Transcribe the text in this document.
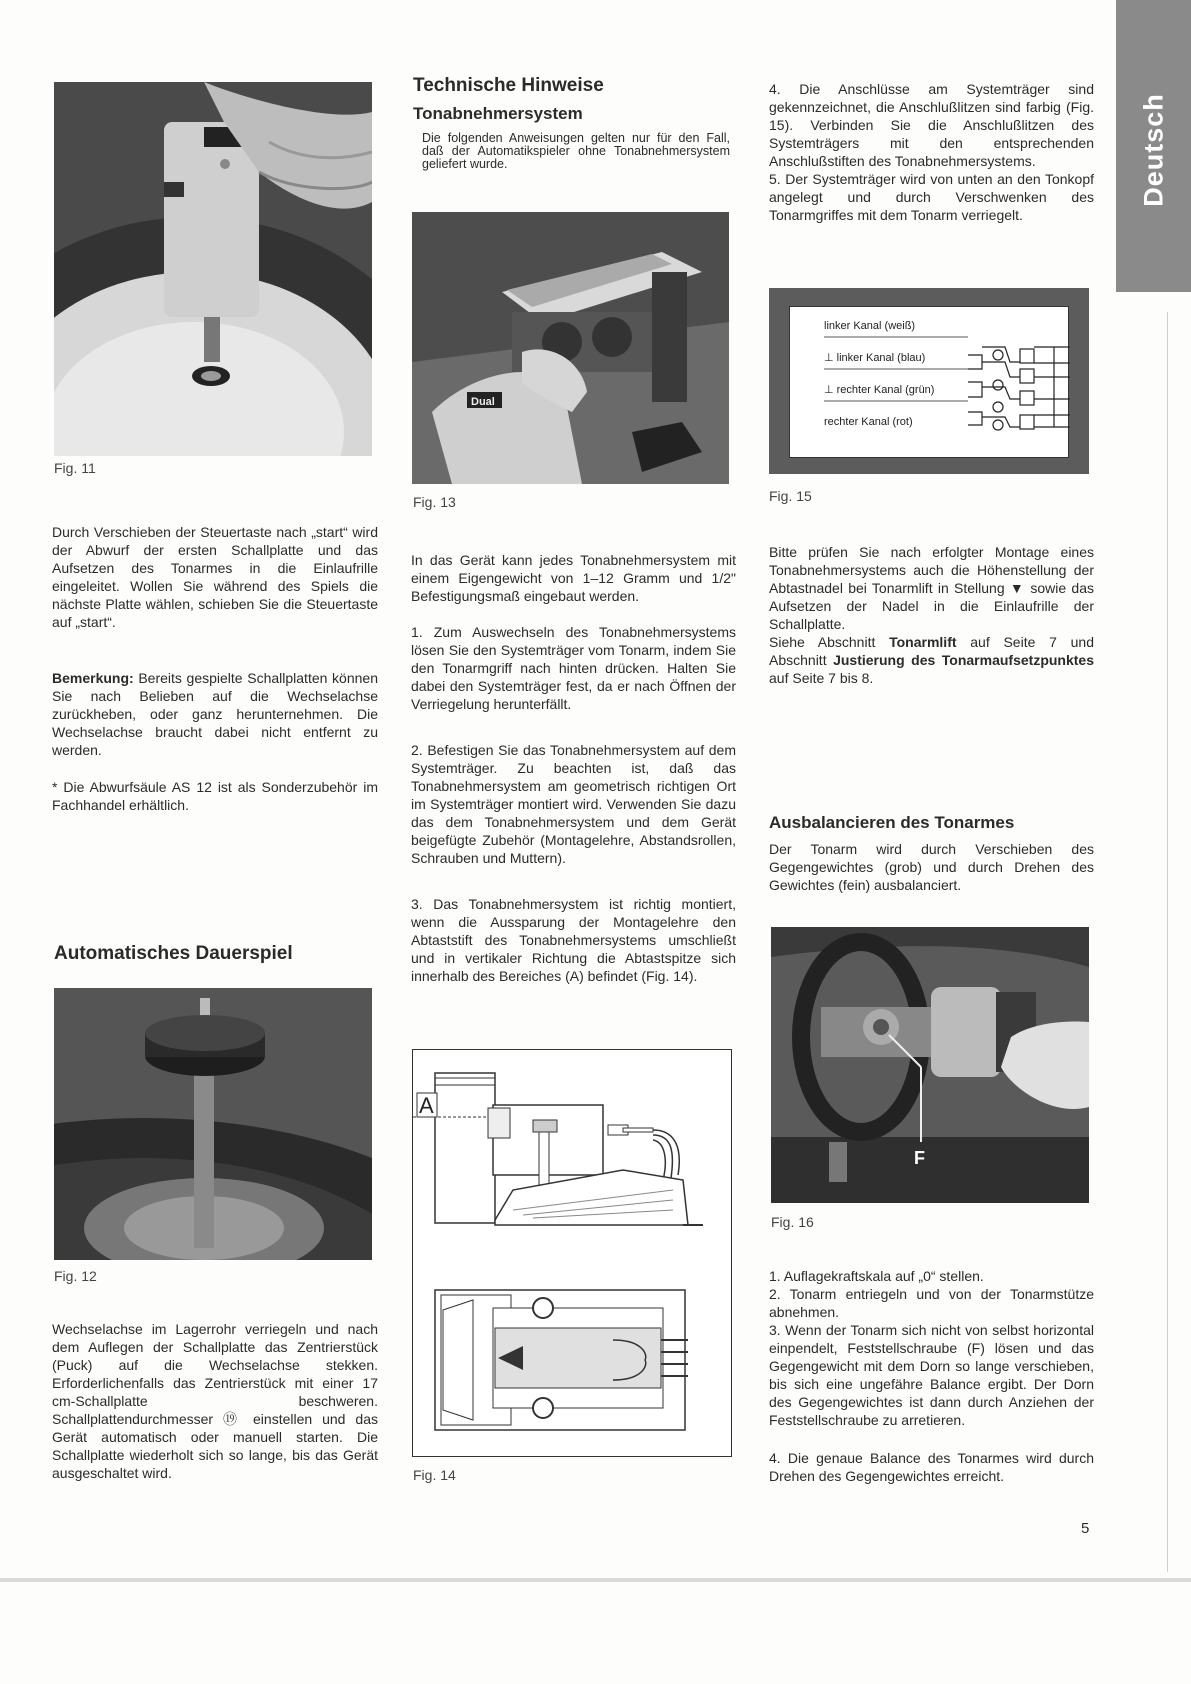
Deutsch
Fig. 11

Durch Verschieben der Steuertaste nach „start“ wird der Abwurf der ersten Schallplatte und das Aufsetzen des Tonarmes in die Einlaufrille eingeleitet. Wollen Sie während des Spiels die nächste Platte wählen, schieben Sie die Steuertaste auf „start“.

Bemerkung: Bereits gespielte Schallplatten können Sie nach Belieben auf die Wechselachse zurückheben, oder ganz herunternehmen. Die Wechselachse braucht dabei nicht entfernt zu werden.

* Die Abwurfsäule AS 12 ist als Sonderzubehör im Fachhandel erhältlich.

Automatisches Dauerspiel
Fig. 12

Wechselachse im Lagerrohr verriegeln und nach dem Auflegen der Schallplatte das Zentrierstück (Puck) auf die Wechselachse stekken. Erforderlichenfalls das Zentrierstück mit einer 17 cm-Schallplatte beschweren. Schallplattendurchmesser ⑲ einstellen und das Gerät automatisch oder manuell starten. Die Schallplatte wiederholt sich so lange, bis das Gerät ausgeschaltet wird.

Technische Hinweise
Tonabnehmersystem

Die folgenden Anweisungen gelten nur für den Fall, daß der Automatikspieler ohne Tonabnehmersystem geliefert wurde.

Dual
Fig. 13

In das Gerät kann jedes Tonabnehmersystem mit einem Eigengewicht von 1–12 Gramm und 1/2" Befestigungsmaß eingebaut werden.

1. Zum Auswechseln des Tonabnehmersystems lösen Sie den Systemträger vom Tonarm, indem Sie den Tonarmgriff nach hinten drücken. Halten Sie dabei den Systemträger fest, da er nach Öffnen der Verriegelung herunterfällt.

2. Befestigen Sie das Tonabnehmersystem auf dem Systemträger. Zu beachten ist, daß das Tonabnehmersystem am geometrisch richtigen Ort im Systemträger montiert wird. Verwenden Sie dazu das dem Tonabnehmersystem und dem Gerät beigefügte Zubehör (Montagelehre, Abstandsrollen, Schrauben und Muttern).

3. Das Tonabnehmersystem ist richtig montiert, wenn die Aussparung der Montagelehre den Abtaststift des Tonabnehmersystems umschließt und in vertikaler Richtung die Abtastspitze sich innerhalb des Bereiches (A) befindet (Fig. 14).

A
Fig. 14

4. Die Anschlüsse am Systemträger sind gekennzeichnet, die Anschlußlitzen sind farbig (Fig. 15). Verbinden Sie die Anschlußlitzen des Systemträgers mit den entsprechenden Anschlußstiften des Tonabnehmersystems.

5. Der Systemträger wird von unten an den Tonkopf angelegt und durch Verschwenken des Tonarmgriffes mit dem Tonarm verriegelt.

linker Kanal (weiß)
⊥ linker Kanal (blau)
⊥ rechter Kanal (grün)
rechter Kanal (rot)
Fig. 15

Bitte prüfen Sie nach erfolgter Montage eines Tonabnehmersystems auch die Höhenstellung der Abtastnadel bei Tonarmlift in Stellung ▼ sowie das Aufsetzen der Nadel in die Einlaufrille der Schallplatte.

Siehe Abschnitt Tonarmlift auf Seite 7 und Abschnitt Justierung des Tonarmaufsetzpunktes auf Seite 7 bis 8.

Ausbalancieren des Tonarmes

Der Tonarm wird durch Verschieben des Gegengewichtes (grob) und durch Drehen des Gewichtes (fein) ausbalanciert.

F
Fig. 16

1. Auflagekraftskala auf „0“ stellen.

2. Tonarm entriegeln und von der Tonarmstütze abnehmen.

3. Wenn der Tonarm sich nicht von selbst horizontal einpendelt, Feststellschraube (F) lösen und das Gegengewicht mit dem Dorn so lange verschieben, bis sich eine ungefähre Balance ergibt. Der Dorn des Gegengewichtes ist dann durch Anziehen der Feststellschraube zu arretieren.

4. Die genaue Balance des Tonarmes wird durch Drehen des Gegengewichtes erreicht.

5
